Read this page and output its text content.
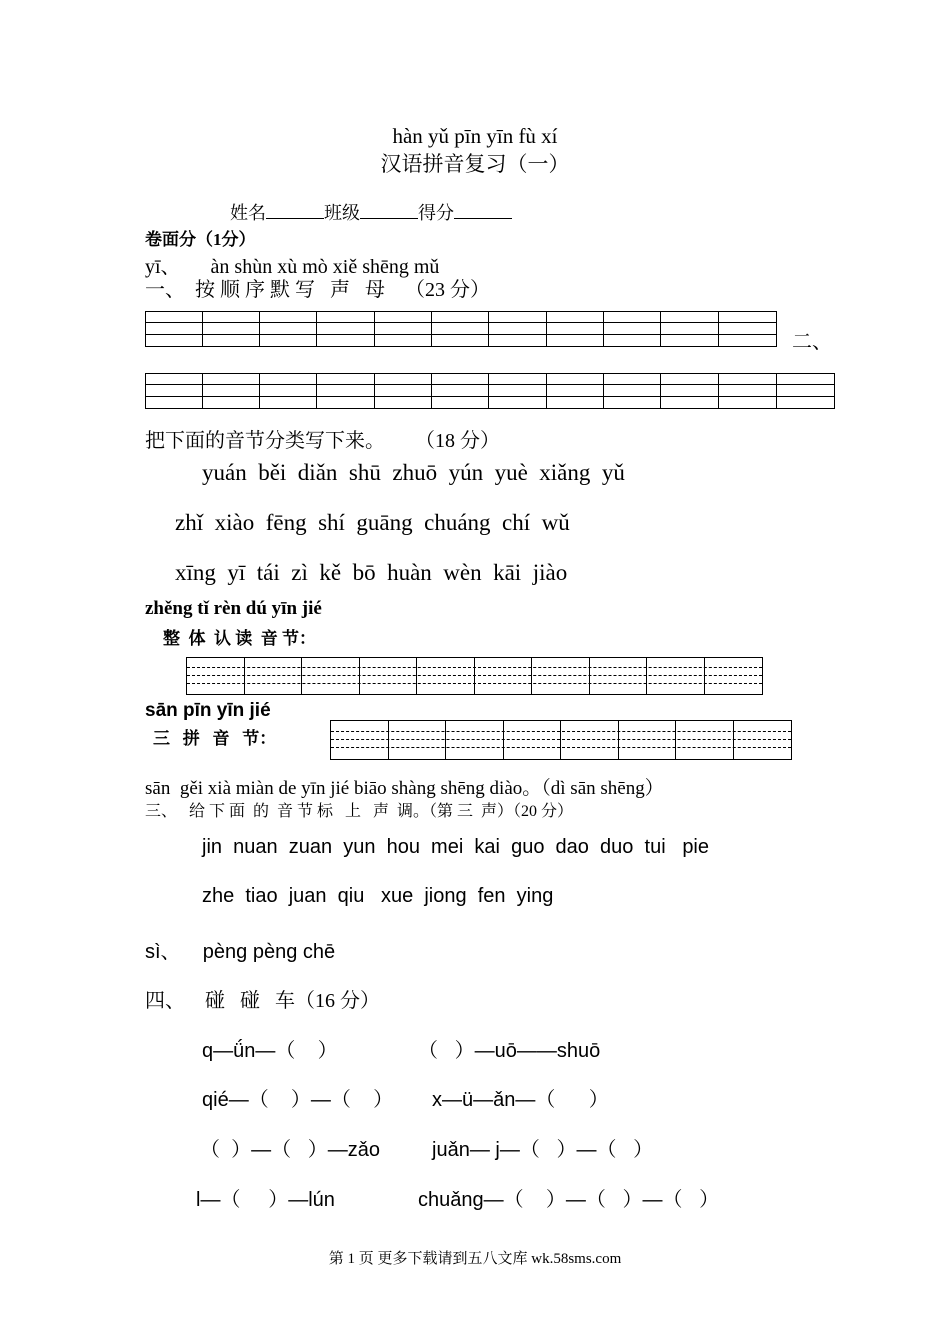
hàn yǔ pīn yīn fù xí
汉语拼音复习（一）
姓名	班级	得分
卷面分（1分）
yī、      àn shùn xù mò xiě shēng mǔ
一、  按 顺 序 默 写   声   母    （23 分）
二、
把下面的音节分类写下来。      （18 分）
yuán  běi  diǎn  shū  zhuō  yún  yuè  xiǎng  yǔ
zhǐ  xiào  fēng  shí  guāng  chuáng  chí  wǔ
xīng  yī  tái  zì  kě  bō  huàn  wèn  kāi  jiào
zhěng tǐ rèn dú yīn jié
整  体  认 读  音 节：
sān pīn yīn jié
三   拼   音   节：
sān  gěi xià miàn de yīn jié biāo shàng shēng diào。（dì sān shēng）
三、   给 下 面  的  音 节 标   上   声  调。（第 三  声）（20 分）
jin  nuan  zuan  yun  hou  mei  kai  guo  dao  duo  tui   pie
zhe  tiao  juan  qiu   xue  jiong  fen  ying
sì、    pèng pèng chē
四、    碰   碰   车（16 分）
q—ǘn—（    ）	（   ）—uō——shuō
qié—（    ）—（    ） x—ü—ǎn—（      ）
（  ）—（   ）—zǎo	juǎn— j—（   ）—（   ）
l—（     ）—lún	chuǎng—（    ）—（   ）—（   ）
第 1 页 更多下载请到五八文库 wk.58sms.com
